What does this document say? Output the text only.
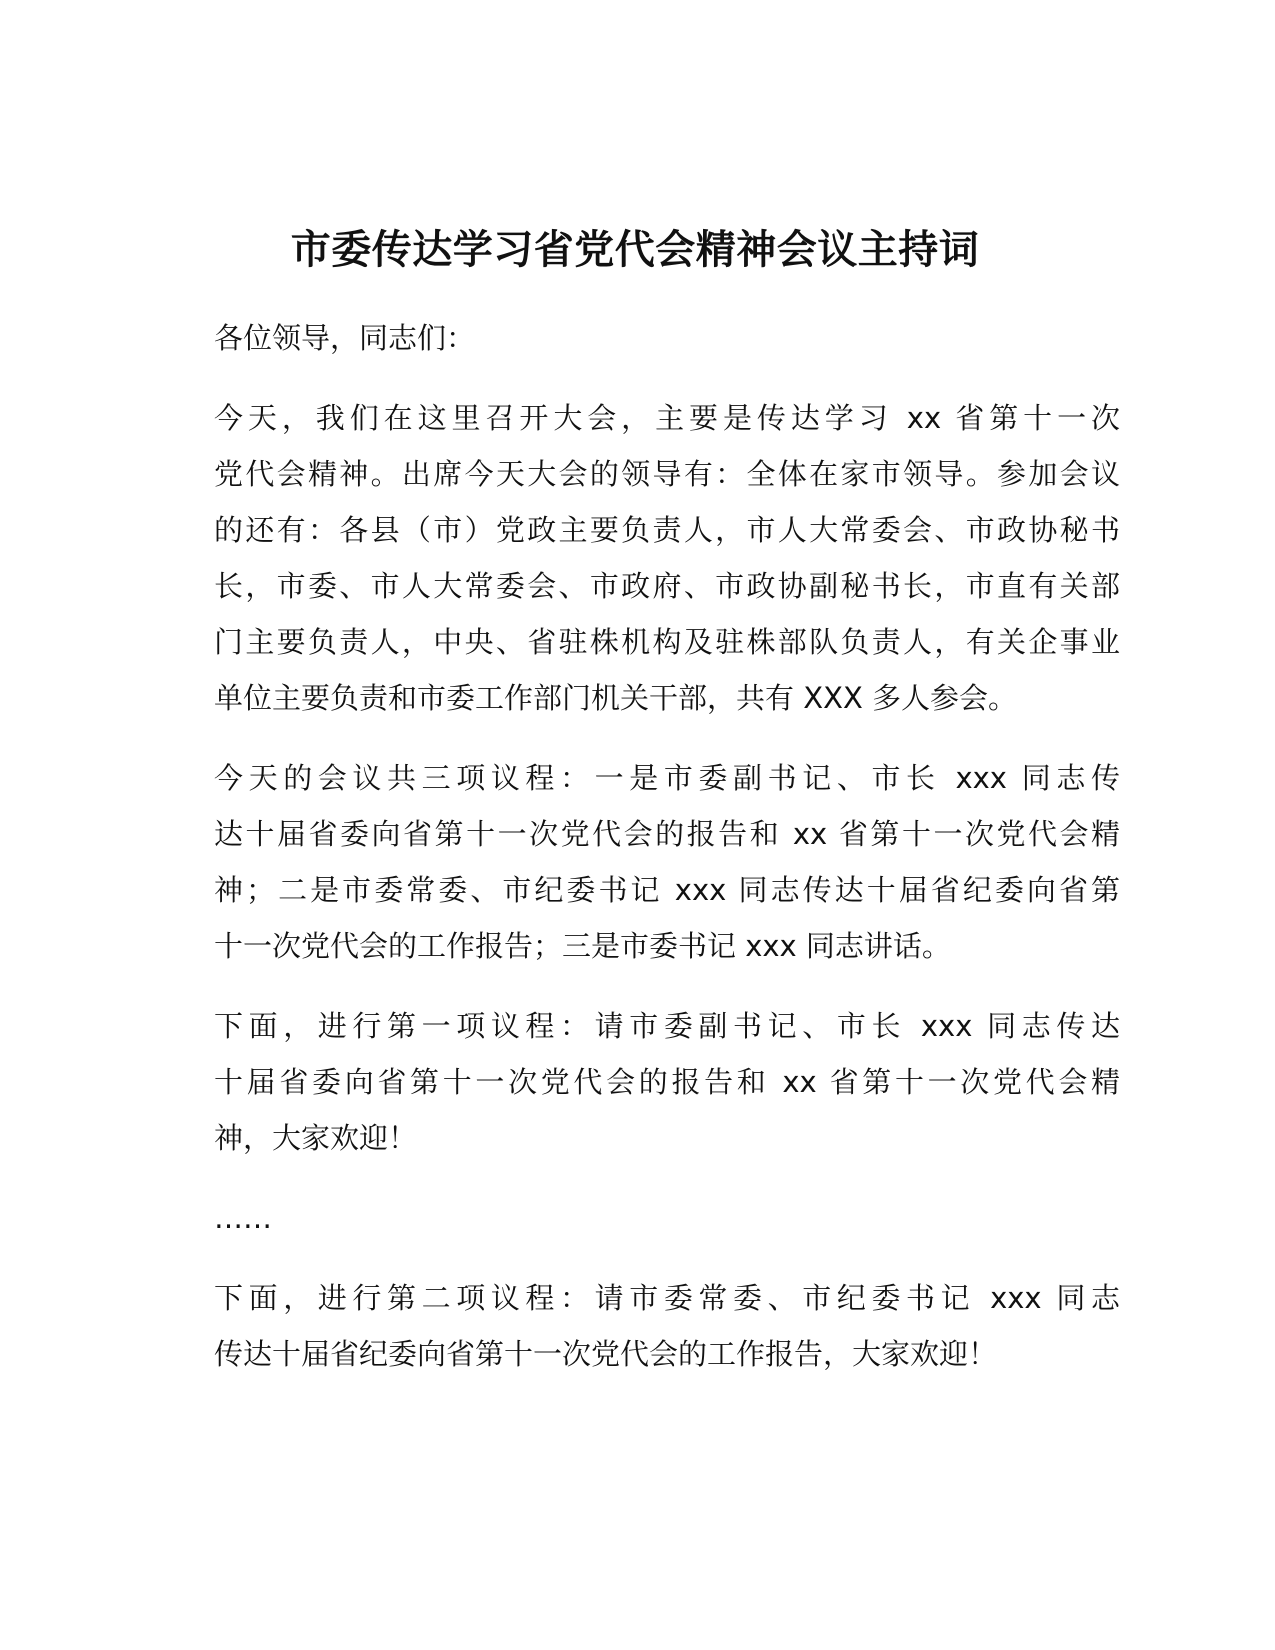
市委传达学习省党代会精神会议主持词

各位领导，同志们：

今天，我们在这里召开大会，主要是传达学习 xx 省第十一次
党代会精神。出席今天大会的领导有：全体在家市领导。参加会议
的还有：各县（市）党政主要负责人，市人大常委会、市政协秘书
长，市委、市人大常委会、市政府、市政协副秘书长，市直有关部
门主要负责人，中央、省驻株机构及驻株部队负责人，有关企事业
单位主要负责和市委工作部门机关干部，共有 XXX 多人参会。

今天的会议共三项议程：一是市委副书记、市长 xxx 同志传
达十届省委向省第十一次党代会的报告和 xx 省第十一次党代会精
神；二是市委常委、市纪委书记 xxx 同志传达十届省纪委向省第
十一次党代会的工作报告；三是市委书记 xxx 同志讲话。

下面，进行第一项议程：请市委副书记、市长 xxx 同志传达
十届省委向省第十一次党代会的报告和 xx 省第十一次党代会精
神，大家欢迎！

……

下面，进行第二项议程：请市委常委、市纪委书记 xxx 同志
传达十届省纪委向省第十一次党代会的工作报告，大家欢迎！
